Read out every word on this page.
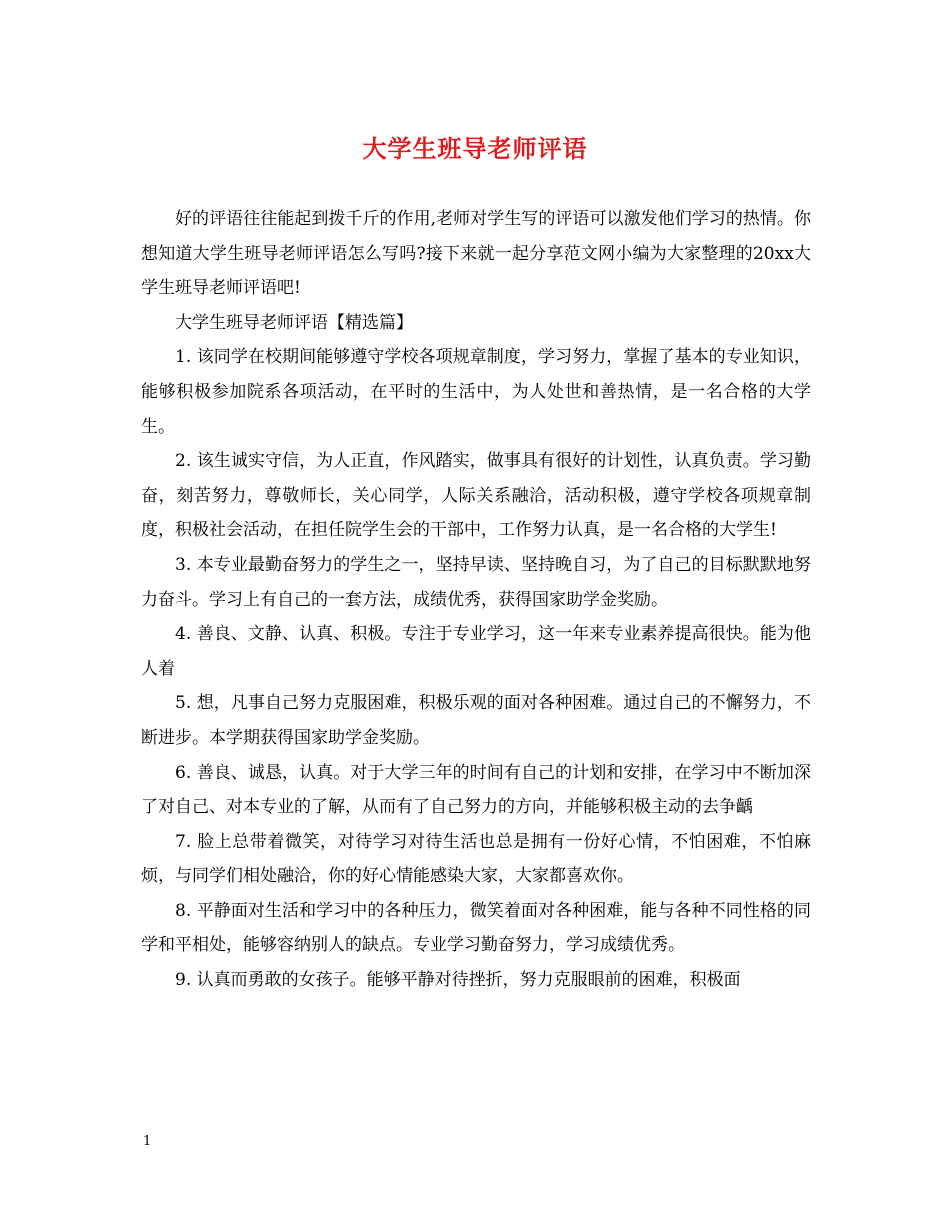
大学生班导老师评语

好的评语往往能起到拨千斤的作用,老师对学生写的评语可以激发他们学习的热情。你想知道大学生班导老师评语怎么写吗?接下来就一起分享范文网小编为大家整理的20xx大学生班导老师评语吧!

大学生班导老师评语【精选篇】

1. 该同学在校期间能够遵守学校各项规章制度，学习努力，掌握了基本的专业知识，能够积极参加院系各项活动，在平时的生活中，为人处世和善热情，是一名合格的大学生。

2. 该生诚实守信，为人正直，作风踏实，做事具有很好的计划性，认真负责。学习勤奋，刻苦努力，尊敬师长，关心同学，人际关系融洽，活动积极，遵守学校各项规章制度，积极社会活动，在担任院学生会的干部中，工作努力认真，是一名合格的大学生!

3. 本专业最勤奋努力的学生之一，坚持早读、坚持晚自习，为了自己的目标默默地努力奋斗。学习上有自己的一套方法，成绩优秀，获得国家助学金奖励。

4. 善良、文静、认真、积极。专注于专业学习，这一年来专业素养提高很快。能为他人着

5. 想，凡事自己努力克服困难，积极乐观的面对各种困难。通过自己的不懈努力，不断进步。本学期获得国家助学金奖励。

6. 善良、诚恳，认真。对于大学三年的时间有自己的计划和安排，在学习中不断加深了对自己、对本专业的了解，从而有了自己努力的方向，并能够积极主动的去争齲

7. 脸上总带着微笑，对待学习对待生活也总是拥有一份好心情，不怕困难，不怕麻烦，与同学们相处融洽，你的好心情能感染大家，大家都喜欢你。

8. 平静面对生活和学习中的各种压力，微笑着面对各种困难，能与各种不同性格的同学和平相处，能够容纳别人的缺点。专业学习勤奋努力，学习成绩优秀。

9. 认真而勇敢的女孩子。能够平静对待挫折，努力克服眼前的困难，积极面

1
